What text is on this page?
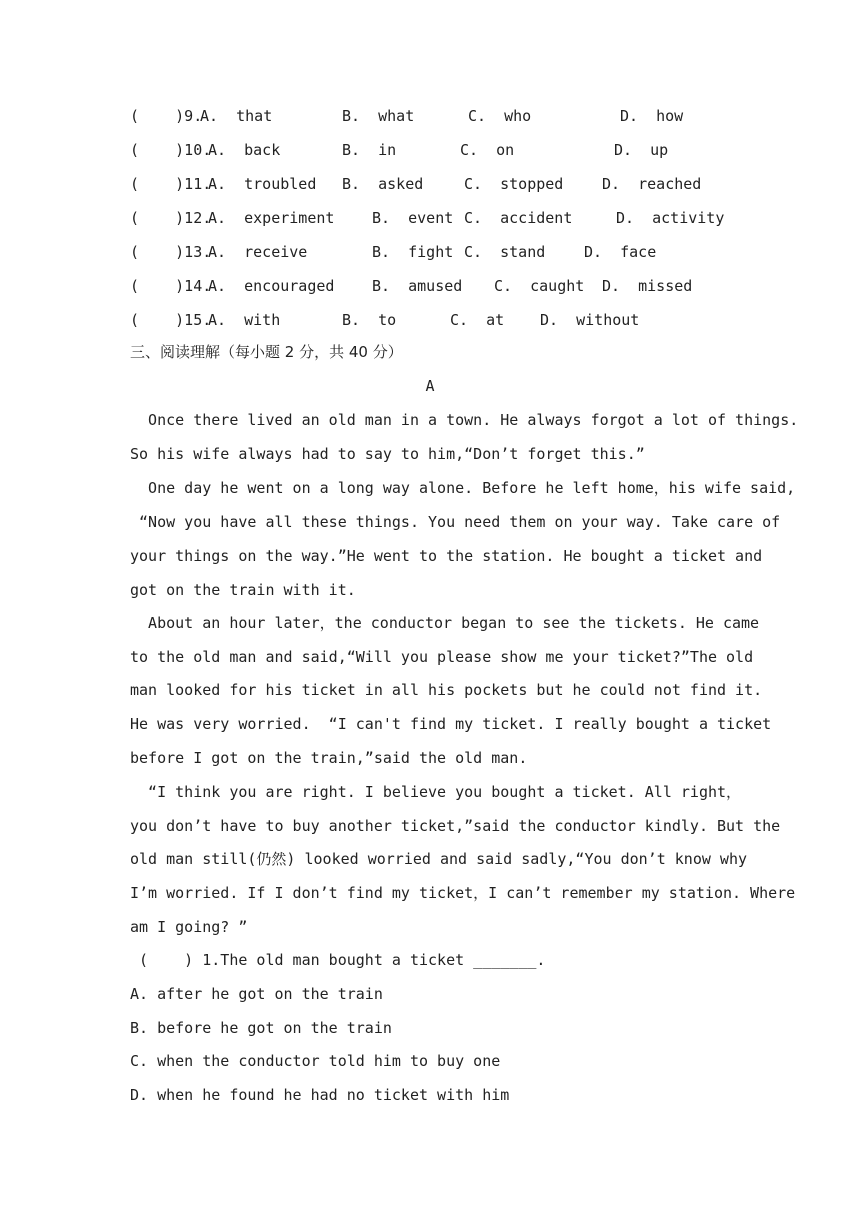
(    )9.

A.  that

	B.  what

	C.  who

	D.  how

(    )10.

A.  back

	B.  in

	C.  on

	D.  up

(    )11.

A.  troubled

B.  asked

	C.  stopped

	D.  reached

(    )12.

A.  experiment

	B.  event

C.  accident

	D.  activity

(    )13.

A.  receive

	B.  fight

C.  stand

	D.  face

(    )14.

A.  encouraged

	B.  amused

C.  caught

D.  missed

(    )15.

A.  with

	B.  to

	C.  at

D.  without

三、阅读理解（每小题 2 分，共 40 分）
A
Once there lived an old man in a town. He always forgot a lot of things.
So his wife always had to say to him,“Don’t forget this.”
One day he went on a long way alone. Before he left home，his wife said,
“Now you have all these things. You need them on your way. Take care of
your things on the way.”He went to the station. He bought a ticket and
got on the train with it.
About an hour later，the conductor began to see the tickets. He came
to the old man and said,“Will you please show me your ticket?”The old
man looked for his ticket in all his pockets but he could not find it.
He was very worried.  “I can't find my ticket. I really bought a ticket
before I got on the train,”said the old man.
“I think you are right. I believe you bought a ticket. All right，
you don’t have to buy another ticket,”said the conductor kindly. But the
old man still(仍然) looked worried and said sadly,“You don’t know why
I’m worried. If I don’t find my ticket，I can’t remember my station. Where
am I going? ”
(    ) 1.The old man bought a ticket _______.
A. after he got on the train
B. before he got on the train
C. when the conductor told him to buy one
D. when he found he had no ticket with him
